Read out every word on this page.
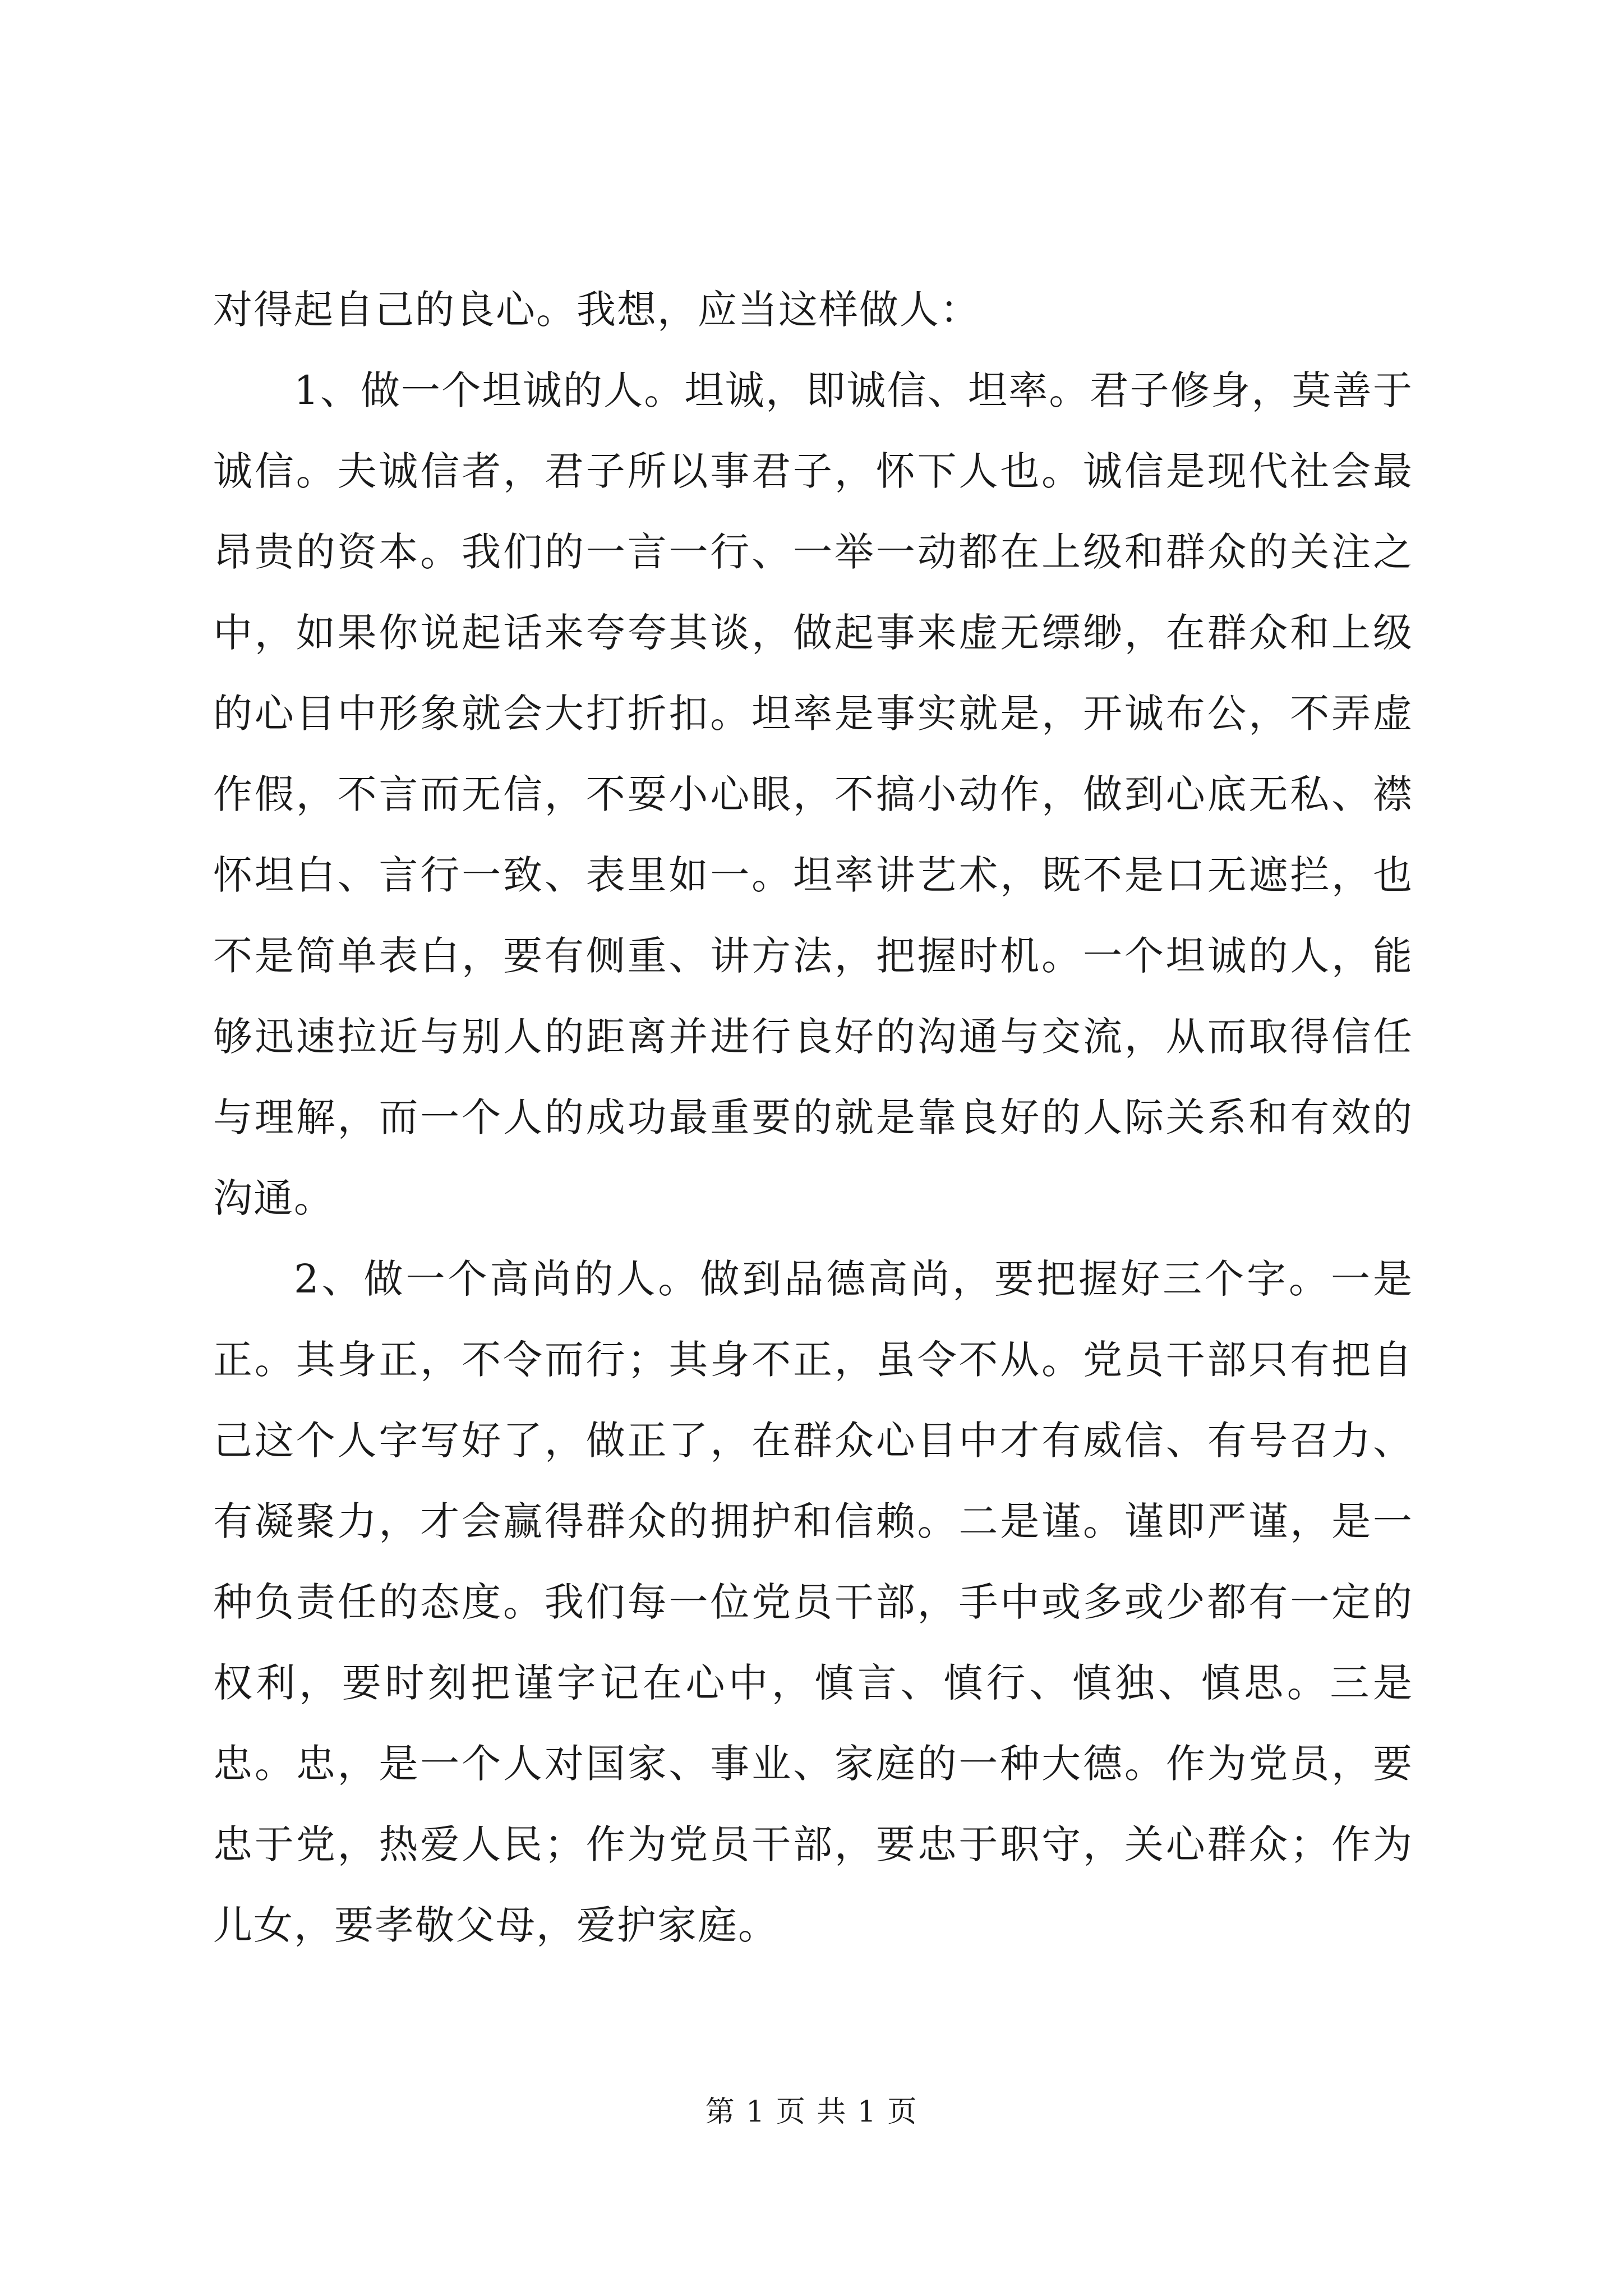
对得起自己的良心。我想，应当这样做人：

1、做一个坦诚的人。坦诚，即诚信、坦率。君子修身，莫善于诚信。夫诚信者，君子所以事君子，怀下人也。诚信是现代社会最昂贵的资本。我们的一言一行、一举一动都在上级和群众的关注之中，如果你说起话来夸夸其谈，做起事来虚无缥缈，在群众和上级的心目中形象就会大打折扣。坦率是事实就是，开诚布公，不弄虚作假，不言而无信，不耍小心眼，不搞小动作，做到心底无私、襟怀坦白、言行一致、表里如一。坦率讲艺术，既不是口无遮拦，也不是简单表白，要有侧重、讲方法，把握时机。一个坦诚的人，能够迅速拉近与别人的距离并进行良好的沟通与交流，从而取得信任与理解，而一个人的成功最重要的就是靠良好的人际关系和有效的沟通。

2、做一个高尚的人。做到品德高尚，要把握好三个字。一是正。其身正，不令而行；其身不正，虽令不从。党员干部只有把自己这个人字写好了，做正了，在群众心目中才有威信、有号召力、有凝聚力，才会赢得群众的拥护和信赖。二是谨。谨即严谨，是一种负责任的态度。我们每一位党员干部，手中或多或少都有一定的权利，要时刻把谨字记在心中，慎言、慎行、慎独、慎思。三是忠。忠，是一个人对国家、事业、家庭的一种大德。作为党员，要忠于党，热爱人民；作为党员干部，要忠于职守，关心群众；作为儿女，要孝敬父母，爱护家庭。

第 1 页 共 1 页
